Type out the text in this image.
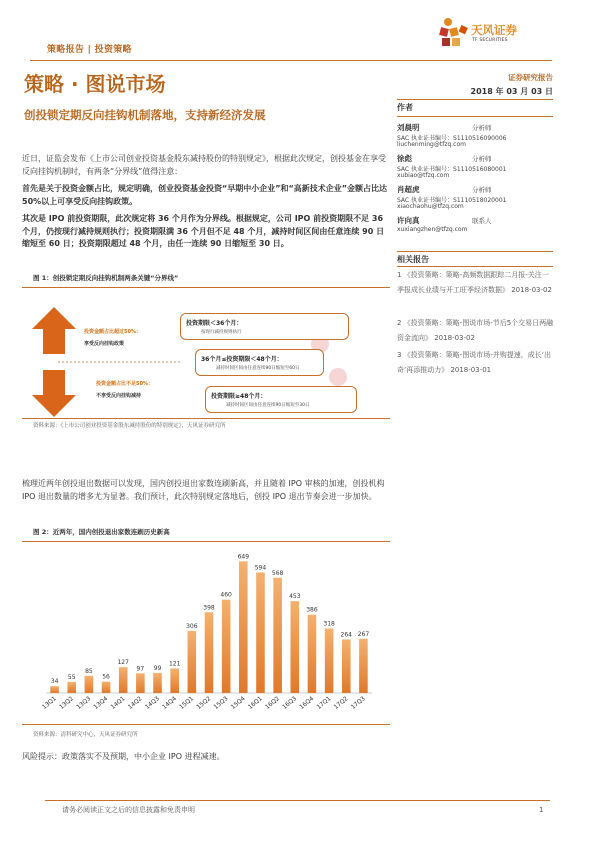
策略报告 | 投资策略
天风证券
TF SECURITIES
策略 · 图说市场	证券研究报告
2018 年 03 月 03 日
创投锁定期反向挂钩机制落地，支持新经济发展
作者
刘晨明	分析师
SAC 执业证书编号：S1110516090006
liuchenming@tfzq.com
徐彪	分析师
SAC 执业证书编号：S1110516080001
xubiao@tfzq.com
肖超虎	分析师
SAC 执业证书编号：S1110518020001
xiaochaohu@tfzq.com
许向真	联系人
xuxiangzhen@tfzq.com
相关报告
1 《投资策略：策略-高频数据跟踪二月报-关注一季报成长业绩与开工旺季经济数据》 2018-03-02
2 《投资策略：策略-图说市场-节后5个交易日两融资金流向》 2018-03-02
3 《投资策略：策略-图说市场-并购提速，成长‘出奇’再添推动力》 2018-03-01
近日，证监会发布《上市公司创业投资基金股东减持股份的特别规定》，根据此次规定，创投基金在享受反向挂钩机制时，有两条“分界线”值得注意：
首先是关于投资金额占比，规定明确，创业投资基金投资“早期中小企业”和“高新技术企业”金额占比达 50%以上可享受反向挂钩政策。
其次是 IPO 前投资期限，此次规定将 36 个月作为分界线。根据规定，公司 IPO 前投资期限不足 36 个月，仍按现行减持规则执行；投资期限满 36 个月但不足 48 个月，减持时间区间由任意连续 90 日缩短至 60 日；投资期限超过 48 个月，由任一连续 90 日缩短至 30 日。
图 1：创投锁定期反向挂钩机制两条关键“分界线”
投资金额占比超过50%：
享受反向挂钩政策
投资金额占比不足50%：
不享受反向挂钩减持
投资期限＜36个月：
按现行减持规则执行
36个月≤投资期限＜48个月：
减持时间区间由任意连续90日缩短至60日
投资期限≥48个月：
减持时间区间由任意连续90日缩短至30日
资料来源：《上市公司创业投资基金股东减持股份的特别规定》，天风证券研究所
梳理近两年创投退出数据可以发现，国内创投退出家数连刷新高，并且随着 IPO 审核的加速，创投机构 IPO 退出数量的增多尤为显著。我们预计，此次特别规定落地后，创投 IPO 退出节奏会进一步加快。
图 2：近两年，国内创投退出家数连刷历史新高
34
13Q1
55
13Q2
85
13Q3
56
13Q4
127
14Q1
97
14Q2
99
14Q3
121
14Q4
306
15Q1
398
15Q2
460
15Q3
649
15Q4
594
16Q1
568
16Q2
453
16Q3
386
16Q4
318
17Q1
264
17Q2
267
17Q3
资料来源：清科研究中心，天风证券研究所
风险提示：政策落实不及预期，中小企业 IPO 进程减速。
请务必阅读正文之后的信息披露和免责申明	1
